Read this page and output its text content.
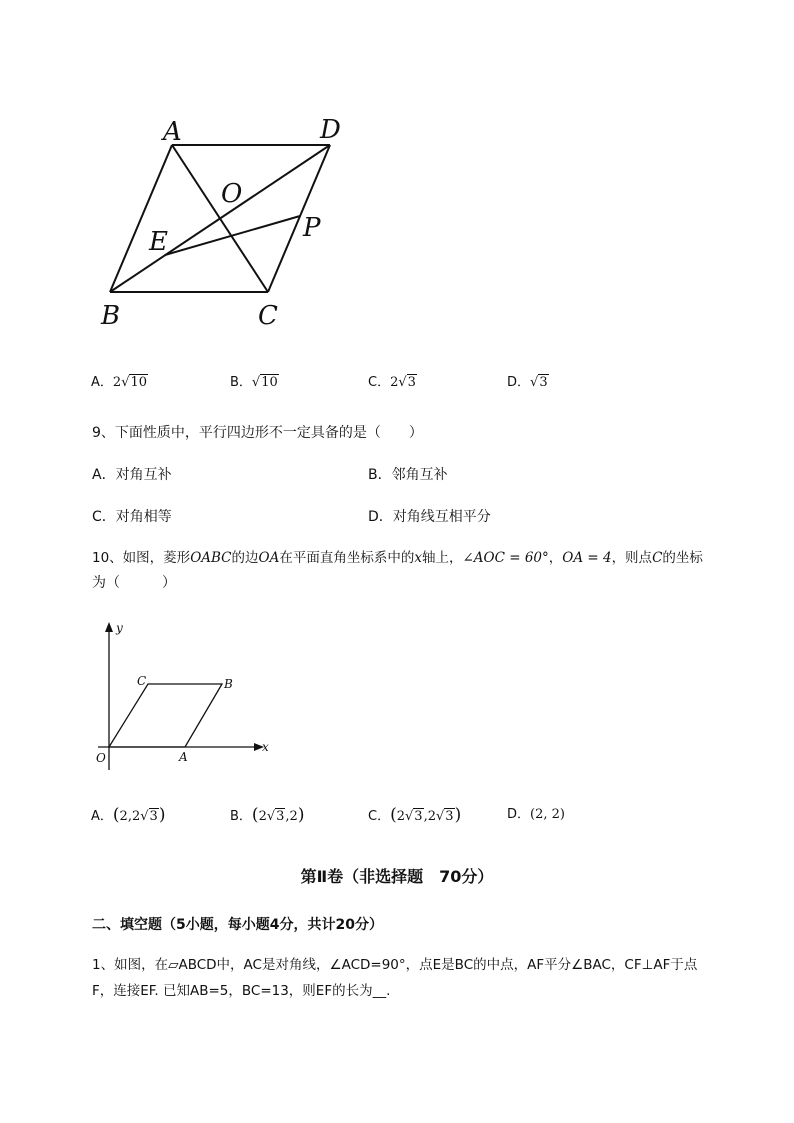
A	D
O
E	P
B	C
A．2√10	B．√10	C．2√3	D．√3
9、下面性质中，平行四边形不一定具备的是（　　）
A．对角互补	B．邻角互补
C．对角相等	D．对角线互相平分
10、如图，菱形OABC的边OA在平面直角坐标系中的x轴上，∠AOC = 60°，OA = 4，则点C的坐标
为（　　　）
y
x
O	A
B
C
A．(2,2√3)	B．(2√3,2)	C．(2√3,2√3)	D．(2, 2)
第Ⅱ卷（非选择题　70分）
二、填空题（5小题，每小题4分，共计20分）
1、如图，在▱ABCD中，AC是对角线，∠ACD=90°，点E是BC的中点，AF平分∠BAC，CF⊥AF于点
F，连接EF. 已知AB=5，BC=13，则EF的长为__.
